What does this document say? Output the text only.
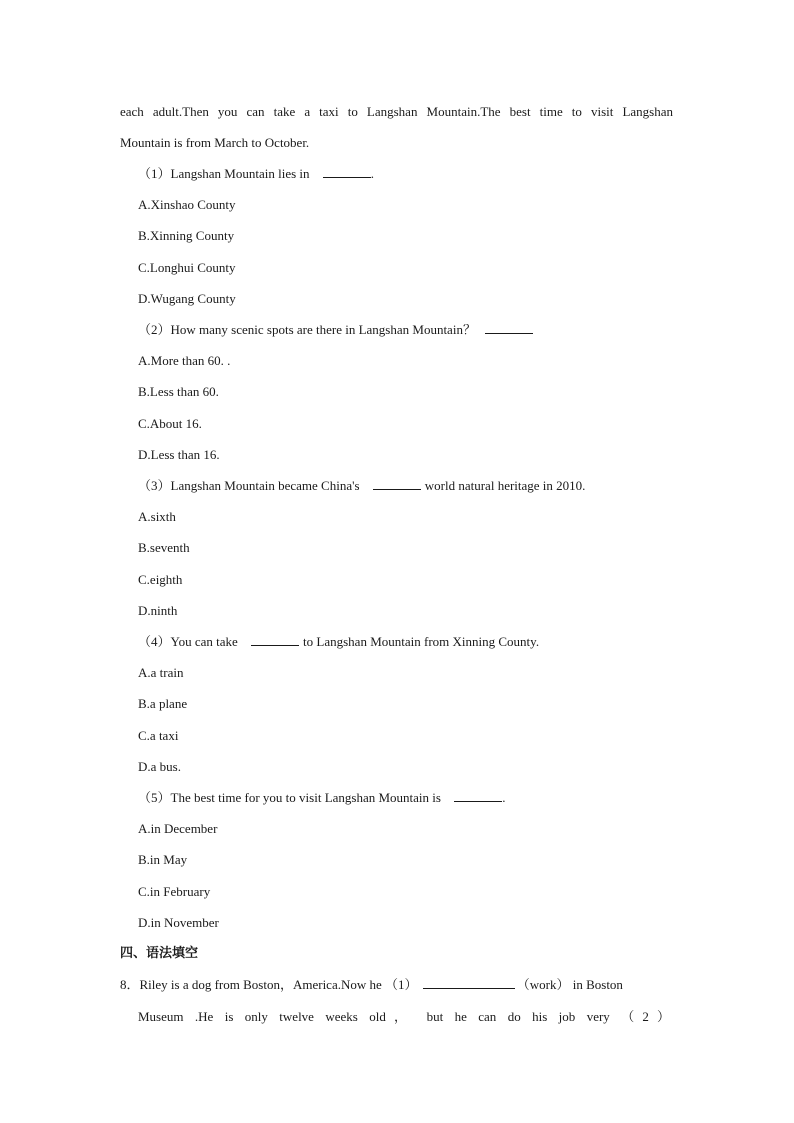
each adult.Then you can take a taxi to Langshan Mountain.The best time to visit Langshan
Mountain is from March to October.
（1）Langshan Mountain lies in	.
A.Xinshao County
B.Xinning County
C.Longhui County
D.Wugang County
（2）How many scenic spots are there in Langshan Mountain？
A.More than 60. .
B.Less than 60.
C.About 16.
D.Less than 16.
（3）Langshan Mountain became China's	world natural heritage in 2010.
A.sixth
B.seventh
C.eighth
D.ninth
（4）You can take	to Langshan Mountain from Xinning County.
A.a train
B.a plane
C.a taxi
D.a bus.
（5）The best time for you to visit Langshan Mountain is	.
A.in December
B.in May
C.in February
D.in November
四、语法填空
8．Riley is a dog from Boston，America.Now he （1）	（work） in Boston
Museum .He is only twelve weeks old， but he can do his job very （2）
